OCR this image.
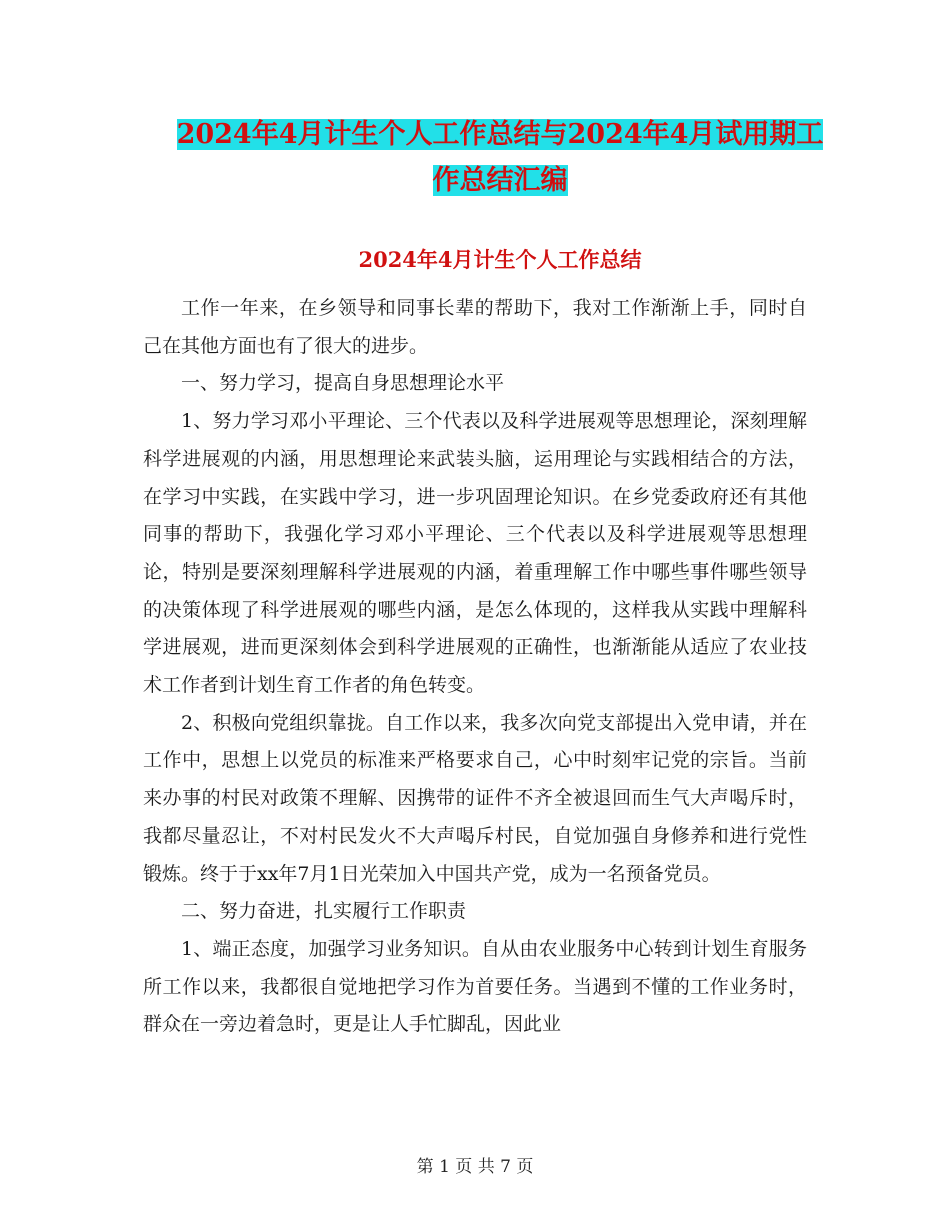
2024年4月计生个人工作总结与2024年4月试用期工
作总结汇编
2024年4月计生个人工作总结

工作一年来，在乡领导和同事长辈的帮助下，我对工作渐渐上手，同时自己在其他方面也有了很大的进步。

一、努力学习，提高自身思想理论水平

1、努力学习邓小平理论、三个代表以及科学进展观等思想理论，深刻理解科学进展观的内涵，用思想理论来武装头脑，运用理论与实践相结合的方法，在学习中实践，在实践中学习，进一步巩固理论知识。在乡党委政府还有其他同事的帮助下，我强化学习邓小平理论、三个代表以及科学进展观等思想理论，特别是要深刻理解科学进展观的内涵，着重理解工作中哪些事件哪些领导的决策体现了科学进展观的哪些内涵，是怎么体现的，这样我从实践中理解科学进展观，进而更深刻体会到科学进展观的正确性，也渐渐能从适应了农业技术工作者到计划生育工作者的角色转变。

2、积极向党组织靠拢。自工作以来，我多次向党支部提出入党申请，并在工作中，思想上以党员的标准来严格要求自己，心中时刻牢记党的宗旨。当前来办事的村民对政策不理解、因携带的证件不齐全被退回而生气大声喝斥时，我都尽量忍让，不对村民发火不大声喝斥村民，自觉加强自身修养和进行党性锻炼。终于于xx年7月1日光荣加入中国共产党，成为一名预备党员。

二、努力奋进，扎实履行工作职责

1、端正态度，加强学习业务知识。自从由农业服务中心转到计划生育服务所工作以来，我都很自觉地把学习作为首要任务。当遇到不懂的工作业务时，群众在一旁边着急时，更是让人手忙脚乱，因此业

第 1 页 共 7 页
